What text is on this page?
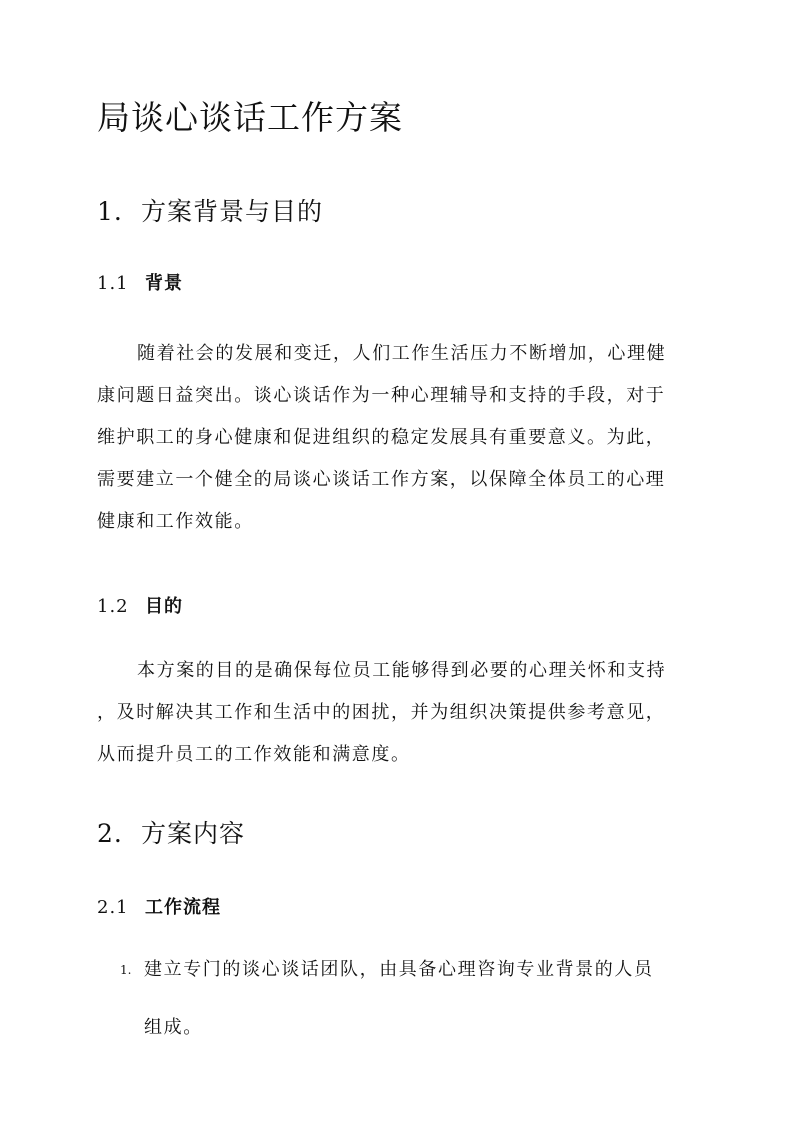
局谈心谈话工作方案
1. 方案背景与目的
1.1 背景
随着社会的发展和变迁，人们工作生活压力不断增加，心理健
康问题日益突出。谈心谈话作为一种心理辅导和支持的手段，对于
维护职工的身心健康和促进组织的稳定发展具有重要意义。为此，
需要建立一个健全的局谈心谈话工作方案，以保障全体员工的心理
健康和工作效能。
1.2 目的
本方案的目的是确保每位员工能够得到必要的心理关怀和支持
，及时解决其工作和生活中的困扰，并为组织决策提供参考意见，
从而提升员工的工作效能和满意度。
2. 方案内容
2.1 工作流程
1. 建立专门的谈心谈话团队，由具备心理咨询专业背景的人员
组成。
